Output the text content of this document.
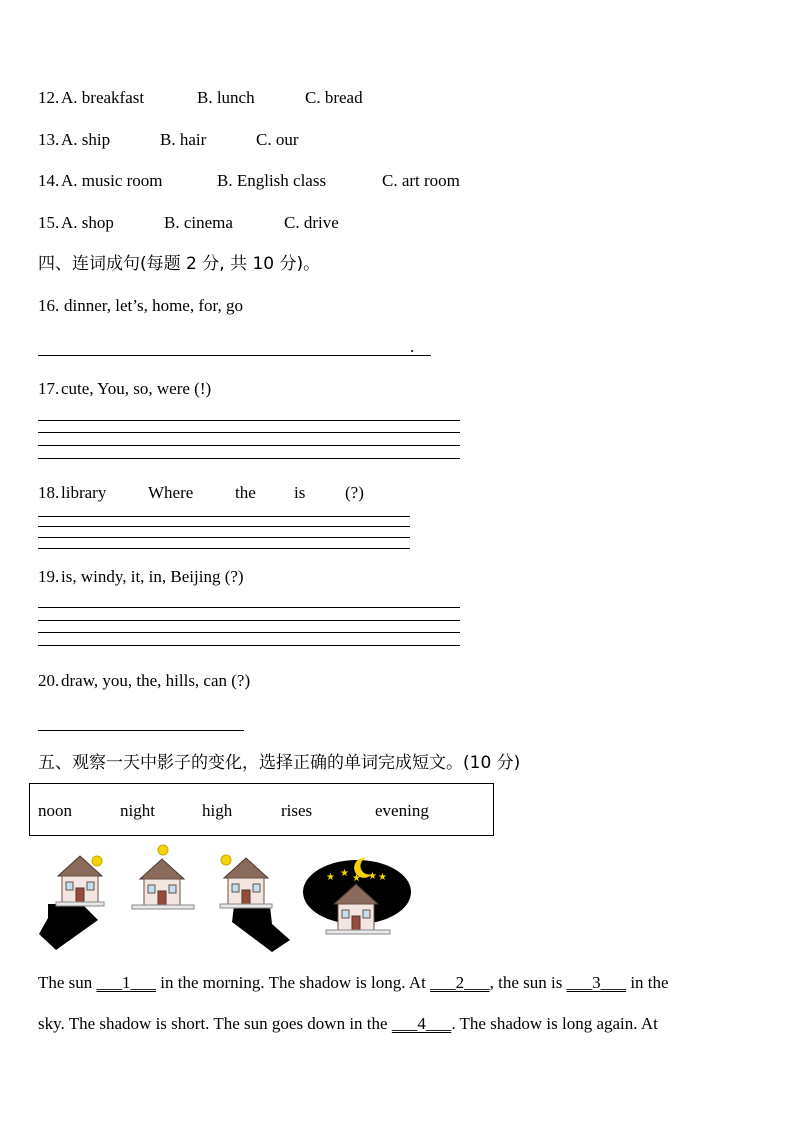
12. A. breakfast	B. lunch	C. bread
13. A. ship	B. hair	C. our
14. A. music room	B. English class	C. art room
15. A. shop	B. cinema	C. drive
四、连词成句(每题 2 分, 共 10 分)。
16. dinner, let’s, home, for, go
.
17. cute, You, so, were (!)
18. library Where the is (?)
19. is, windy, it, in, Beijing (?)
20. draw, you, the, hills, can (?)
五、观察一天中影子的变化，选择正确的单词完成短文。(10 分)
noon	night	high	rises	evening
★ ★ ★ ★ ★
The sun ___1___ in the morning. The shadow is long. At ___2___, the sun is ___3___ in the
sky. The shadow is short. The sun goes down in the ___4___. The shadow is long again. At
